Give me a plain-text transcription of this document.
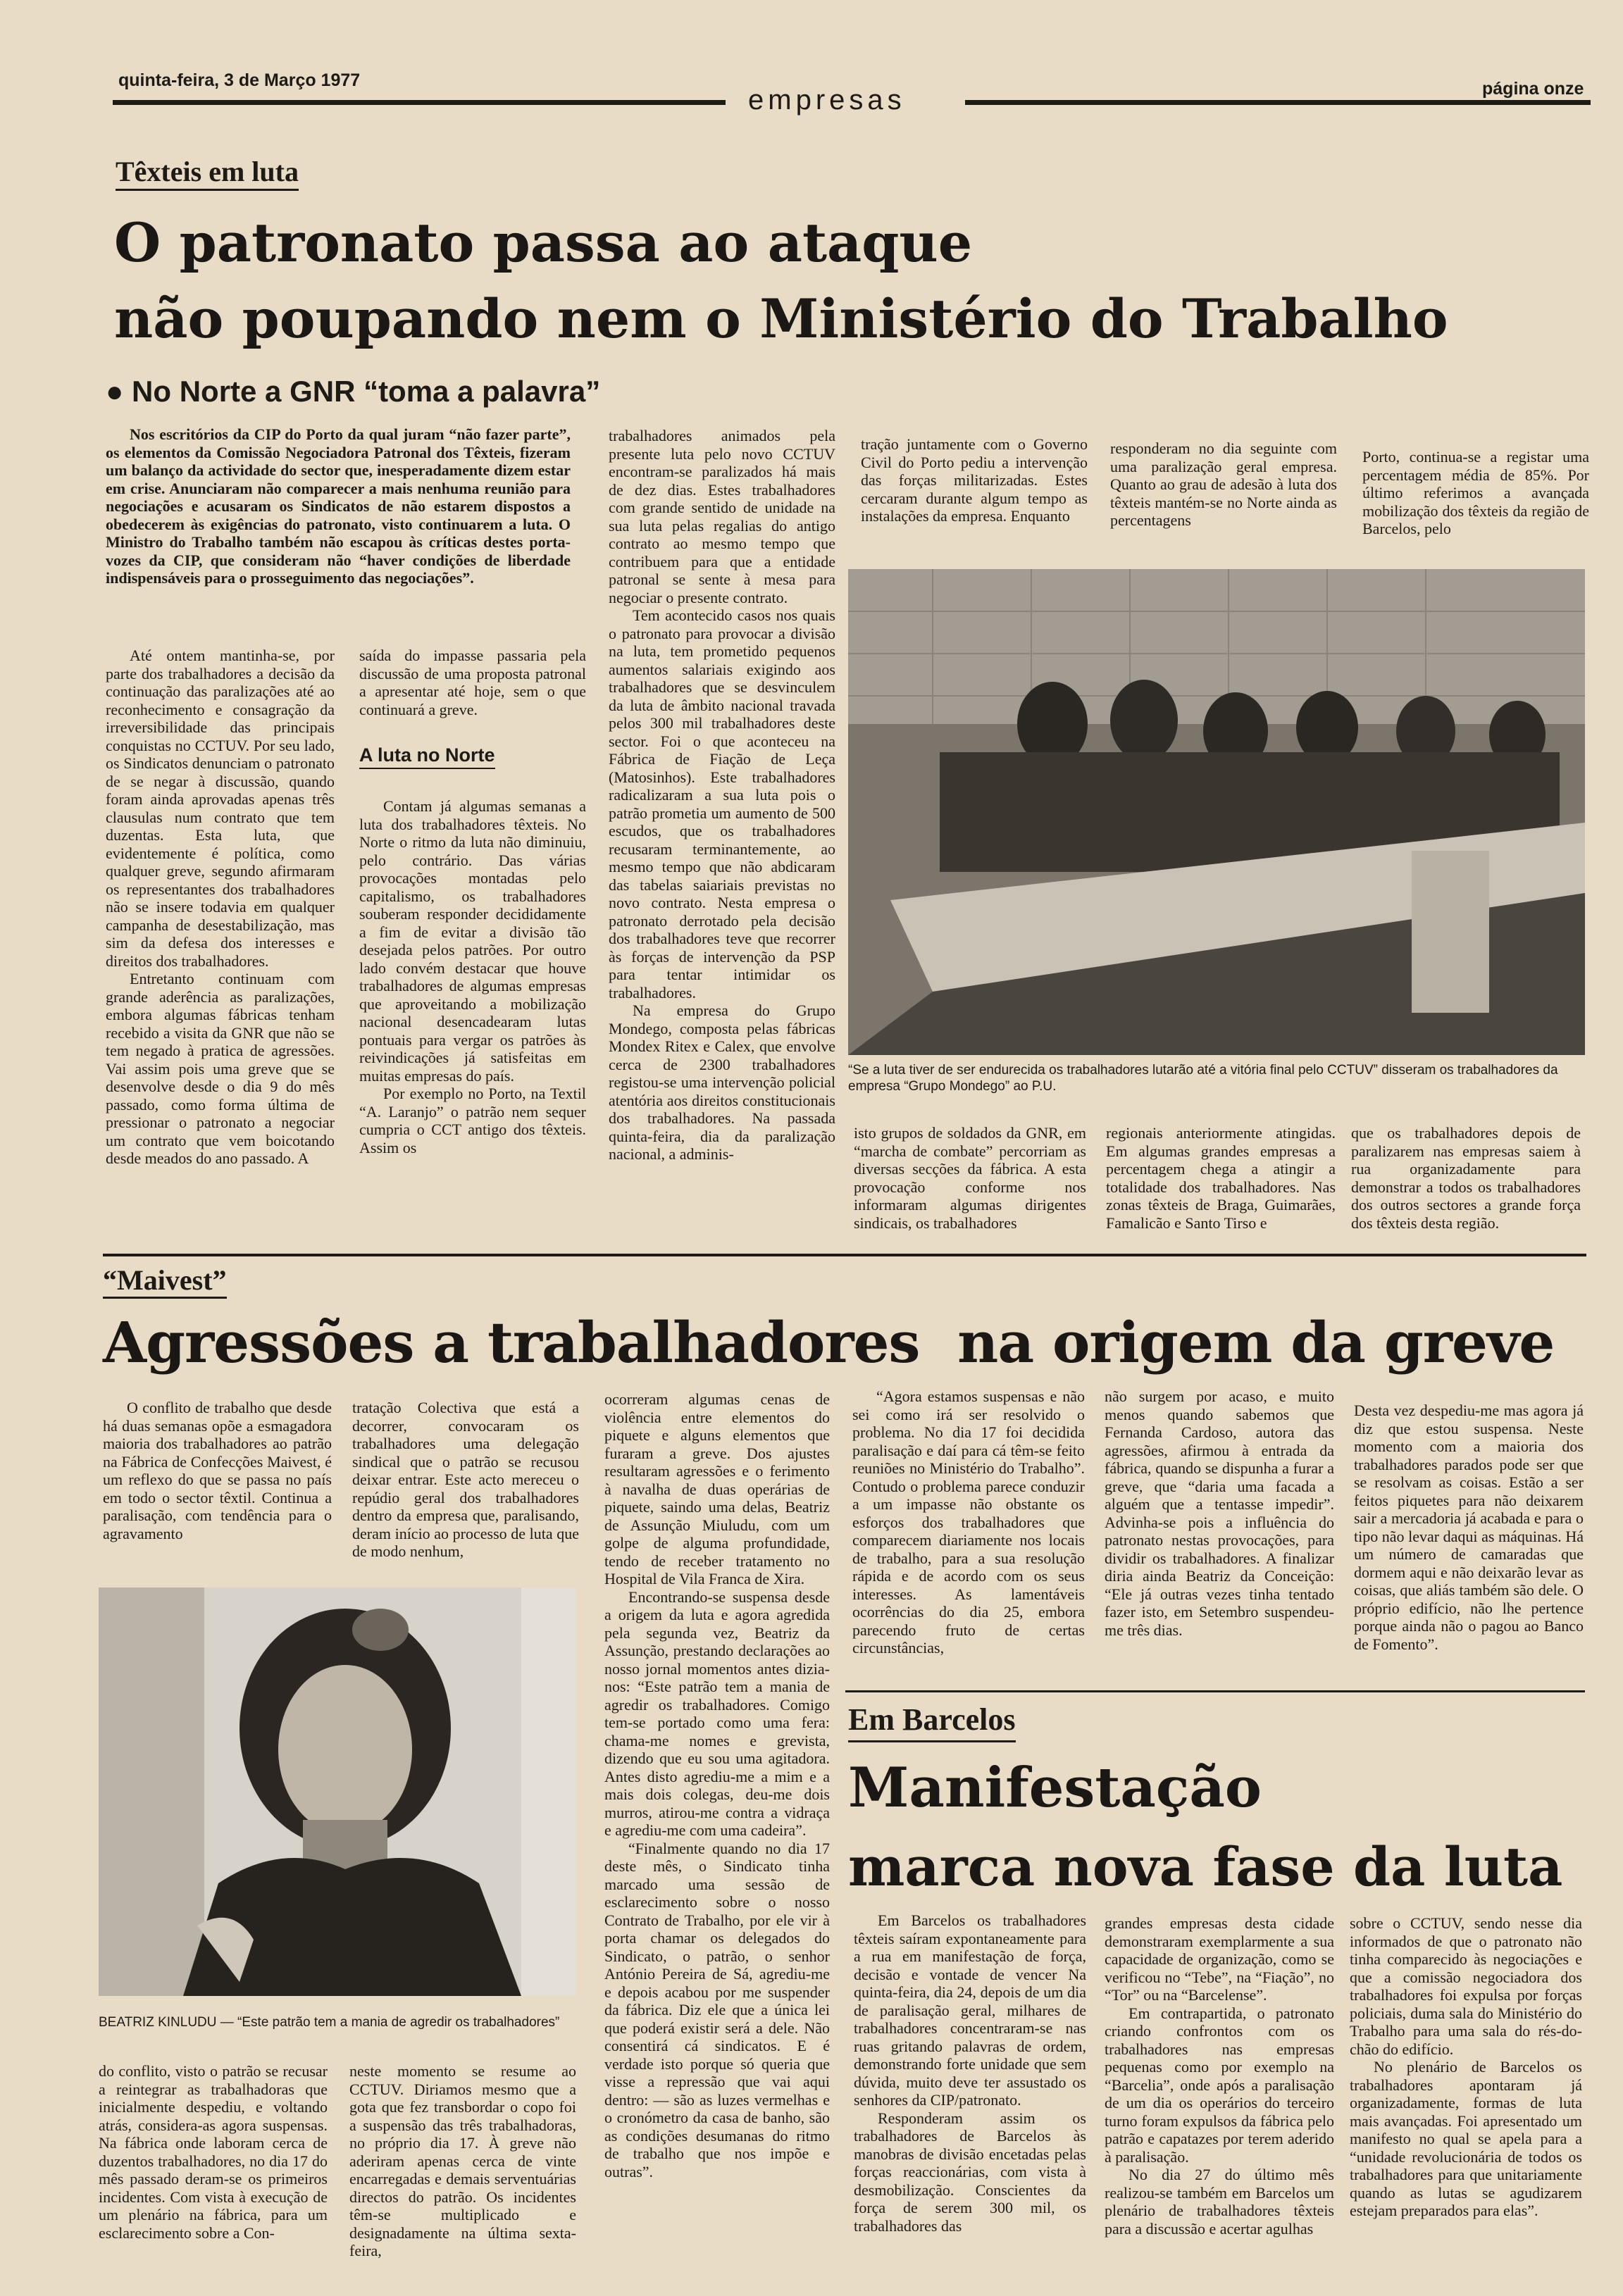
quinta-feira, 3 de Março 1977
empresas	página onze
Têxteis em luta
O patronato passa ao ataque
não poupando nem o Ministério do Trabalho
● No Norte a GNR “toma a palavra”

Nos escritórios da CIP do Porto da qual juram “não fazer parte”, os elementos da Comissão Negociadora Patronal dos Têxteis, fizeram um balanço da actividade do sector que, inesperadamente dizem estar em crise. Anunciaram não comparecer a mais nenhuma reunião para negociações e acusaram os Sindicatos de não estarem dispostos a obedecerem às exigências do patronato, visto continuarem a luta. O Ministro do Trabalho também não escapou às críticas destes porta-vozes da CIP, que consideram não “haver condições de liberdade indispensáveis para o prosseguimento das negociações”.

Até ontem mantinha-se, por parte dos trabalhadores a decisão da continuação das paralizações até ao reconhecimento e consagração da irreversibilidade das principais conquistas no CCTUV. Por seu lado, os Sindicatos denunciam o patronato de se negar à discussão, quando foram ainda aprovadas apenas três clausulas num contrato que tem duzentas. Esta luta, que evidentemente é política, como qualquer greve, segundo afirmaram os representantes dos trabalhadores não se insere todavia em qualquer campanha de desestabilização, mas sim da defesa dos interesses e direitos dos trabalhadores.

Entretanto continuam com grande aderência as paralizações, embora algumas fábricas tenham recebido a visita da GNR que não se tem negado à pratica de agressões. Vai assim pois uma greve que se desenvolve desde o dia 9 do mês passado, como forma última de pressionar o patronato a negociar um contrato que vem boicotando desde meados do ano passado. A

saída do impasse passaria pela discussão de uma proposta patronal a apresentar até hoje, sem o que continuará a greve.

A luta no Norte

Contam já algumas semanas a luta dos trabalhadores têxteis. No Norte o ritmo da luta não diminuiu, pelo contrário. Das várias provocações montadas pelo capitalismo, os trabalhadores souberam responder decididamente a fim de evitar a divisão tão desejada pelos patrões. Por outro lado convém destacar que houve trabalhadores de algumas empresas que aproveitando a mobilização nacional desencadearam lutas pontuais para vergar os patrões às reivindicações já satisfeitas em muitas empresas do país.

Por exemplo no Porto, na Textil “A. Laranjo” o patrão nem sequer cumpria o CCT antigo dos têxteis. Assim os

trabalhadores animados pela presente luta pelo novo CCTUV encontram-se paralizados há mais de dez dias. Estes trabalhadores com grande sentido de unidade na sua luta pelas regalias do antigo contrato ao mesmo tempo que contribuem para que a entidade patronal se sente à mesa para negociar o presente contrato.

Tem acontecido casos nos quais o patronato para provocar a divisão na luta, tem prometido pequenos aumentos salariais exigindo aos trabalhadores que se desvinculem da luta de âmbito nacional travada pelos 300 mil trabalhadores deste sector. Foi o que aconteceu na Fábrica de Fiação de Leça (Matosinhos). Este trabalhadores radicalizaram a sua luta pois o patrão prometia um aumento de 500 escudos, que os trabalhadores recusaram terminantemente, ao mesmo tempo que não abdicaram das tabelas saiariais previstas no novo contrato. Nesta empresa o patronato derrotado pela decisão dos trabalhadores teve que recorrer às forças de intervenção da PSP para tentar intimidar os trabalhadores.

Na empresa do Grupo Mondego, composta pelas fábricas Mondex Ritex e Calex, que envolve cerca de 2300 trabalhadores registou-se uma intervenção policial atentória aos direitos constitucionais dos trabalhadores. Na passada quinta-feira, dia da paralização nacional, a adminis-

tração juntamente com o Governo Civil do Porto pediu a intervenção das forças militarizadas. Estes cercaram durante algum tempo as instalações da empresa. Enquanto

responderam no dia seguinte com uma paralização geral empresa. Quanto ao grau de adesão à luta dos têxteis mantém-se no Norte ainda as percentagens

Porto, continua-se a registar uma percentagem média de 85%. Por último referimos a avançada mobilização dos têxteis da região de Barcelos, pelo

“Se a luta tiver de ser endurecida os trabalhadores lutarão até a vitória final pelo CCTUV” disseram os trabalhadores da empresa “Grupo Mondego” ao P.U.

isto grupos de soldados da GNR, em “marcha de combate” percorriam as diversas secções da fábrica. A esta provocação conforme nos informaram algumas dirigentes sindicais, os trabalhadores

regionais anteriormente atingidas. Em algumas grandes empresas a percentagem chega a atingir a totalidade dos trabalhadores. Nas zonas têxteis de Braga, Guimarães, Famalicão e Santo Tirso e

que os trabalhadores depois de paralizarem nas empresas saiem à rua organizadamente para demonstrar a todos os trabalhadores dos outros sectores a grande força dos têxteis desta região.

“Maivest”
Agressões a trabalhadores  na origem da greve

O conflito de trabalho que desde há duas semanas opõe a esmagadora maioria dos trabalhadores ao patrão na Fábrica de Confecções Maivest, é um reflexo do que se passa no país em todo o sector têxtil. Continua a paralisação, com tendência para o agravamento

tratação Colectiva que está a decorrer, convocaram os trabalhadores uma delegação sindical que o patrão se recusou deixar entrar. Este acto mereceu o repúdio geral dos trabalhadores dentro da empresa que, paralisando, deram início ao processo de luta que de modo nenhum,

BEATRIZ KINLUDU — “Este patrão tem a mania de agredir os trabalhadores”

do conflito, visto o patrão se recusar a reintegrar as trabalhadoras que inicialmente despediu, e voltando atrás, considera-as agora suspensas. Na fábrica onde laboram cerca de duzentos trabalhadores, no dia 17 do mês passado deram-se os primeiros incidentes. Com vista à execução de um plenário na fábrica, para um esclarecimento sobre a Con-

neste momento se resume ao CCTUV. Diriamos mesmo que a gota que fez transbordar o copo foi a suspensão das três trabalhadoras, no próprio dia 17. À greve não aderiram apenas cerca de vinte encarregadas e demais serventuárias directos do patrão. Os incidentes têm-se multiplicado e designadamente na última sexta-feira,

ocorreram algumas cenas de violência entre elementos do piquete e alguns elementos que furaram a greve. Dos ajustes resultaram agressões e o ferimento à navalha de duas operárias de piquete, saindo uma delas, Beatriz de Assunção Miuludu, com um golpe de alguma profundidade, tendo de receber tratamento no Hospital de Vila Franca de Xira.

Encontrando-se suspensa desde a origem da luta e agora agredida pela segunda vez, Beatriz da Assunção, prestando declarações ao nosso jornal momentos antes dizia-nos: “Este patrão tem a mania de agredir os trabalhadores. Comigo tem-se portado como uma fera: chama-me nomes e grevista, dizendo que eu sou uma agitadora. Antes disto agrediu-me a mim e a mais dois colegas, deu-me dois murros, atirou-me contra a vidraça e agrediu-me com uma cadeira”.

“Finalmente quando no dia 17 deste mês, o Sindicato tinha marcado uma sessão de esclarecimento sobre o nosso Contrato de Trabalho, por ele vir à porta chamar os delegados do Sindicato, o patrão, o senhor António Pereira de Sá, agrediu-me e depois acabou por me suspender da fábrica. Diz ele que a única lei que poderá existir será a dele. Não consentirá cá sindicatos. E é verdade isto porque só queria que visse a repressão que vai aqui dentro: — são as luzes vermelhas e o cronómetro da casa de banho, são as condições desumanas do ritmo de trabalho que nos impõe e outras”.

“Agora estamos suspensas e não sei como irá ser resolvido o problema. No dia 17 foi decidida paralisação e daí para cá têm-se feito reuniões no Ministério do Trabalho”. Contudo o problema parece conduzir a um impasse não obstante os esforços dos trabalhadores que comparecem diariamente nos locais de trabalho, para a sua resolução rápida e de acordo com os seus interesses. As lamentáveis ocorrências do dia 25, embora parecendo fruto de certas circunstâncias,

não surgem por acaso, e muito menos quando sabemos que Fernanda Cardoso, autora das agressões, afirmou à entrada da fábrica, quando se dispunha a furar a greve, que “daria uma facada a alguém que a tentasse impedir”. Advinha-se pois a influência do patronato nestas provocações, para dividir os trabalhadores. A finalizar diria ainda Beatriz da Conceição: “Ele já outras vezes tinha tentado fazer isto, em Setembro suspendeu-me três dias.

Desta vez despediu-me mas agora já diz que estou suspensa. Neste momento com a maioria dos trabalhadores parados pode ser que se resolvam as coisas. Estão a ser feitos piquetes para não deixarem sair a mercadoria já acabada e para o tipo não levar daqui as máquinas. Há um número de camaradas que dormem aqui e não deixarão levar as coisas, que aliás também são dele. O próprio edifício, não lhe pertence porque ainda não o pagou ao Banco de Fomento”.

Em Barcelos
Manifestação
marca nova fase da luta

Em Barcelos os trabalhadores têxteis saíram expontaneamente para a rua em manifestação de força, decisão e vontade de vencer Na quinta-feira, dia 24, depois de um dia de paralisação geral, milhares de trabalhadores concentraram-se nas ruas gritando palavras de ordem, demonstrando forte unidade que sem dúvida, muito deve ter assustado os senhores da CIP/patronato.

Responderam assim os trabalhadores de Barcelos às manobras de divisão encetadas pelas forças reaccionárias, com vista à desmobilização. Conscientes da força de serem 300 mil, os trabalhadores das

grandes empresas desta cidade demonstraram exemplarmente a sua capacidade de organização, como se verificou no “Tebe”, na “Fiação”, no “Tor” ou na “Barcelense”.

Em contrapartida, o patronato criando confrontos com os trabalhadores nas empresas pequenas como por exemplo na “Barcelia”, onde após a paralisação de um dia os operários do terceiro turno foram expulsos da fábrica pelo patrão e capatazes por terem aderido à paralisação.

No dia 27 do último mês realizou-se também em Barcelos um plenário de trabalhadores têxteis para a discussão e acertar agulhas

sobre o CCTUV, sendo nesse dia informados de que o patronato não tinha comparecido às negociações e que a comissão negociadora dos trabalhadores foi expulsa por forças policiais, duma sala do Ministério do Trabalho para uma sala do rés-do-chão do edifício.

No plenário de Barcelos os trabalhadores apontaram já organizadamente, formas de luta mais avançadas. Foi apresentado um manifesto no qual se apela para a “unidade revolucionária de todos os trabalhadores para que unitariamente quando as lutas se agudizarem estejam preparados para elas”.
